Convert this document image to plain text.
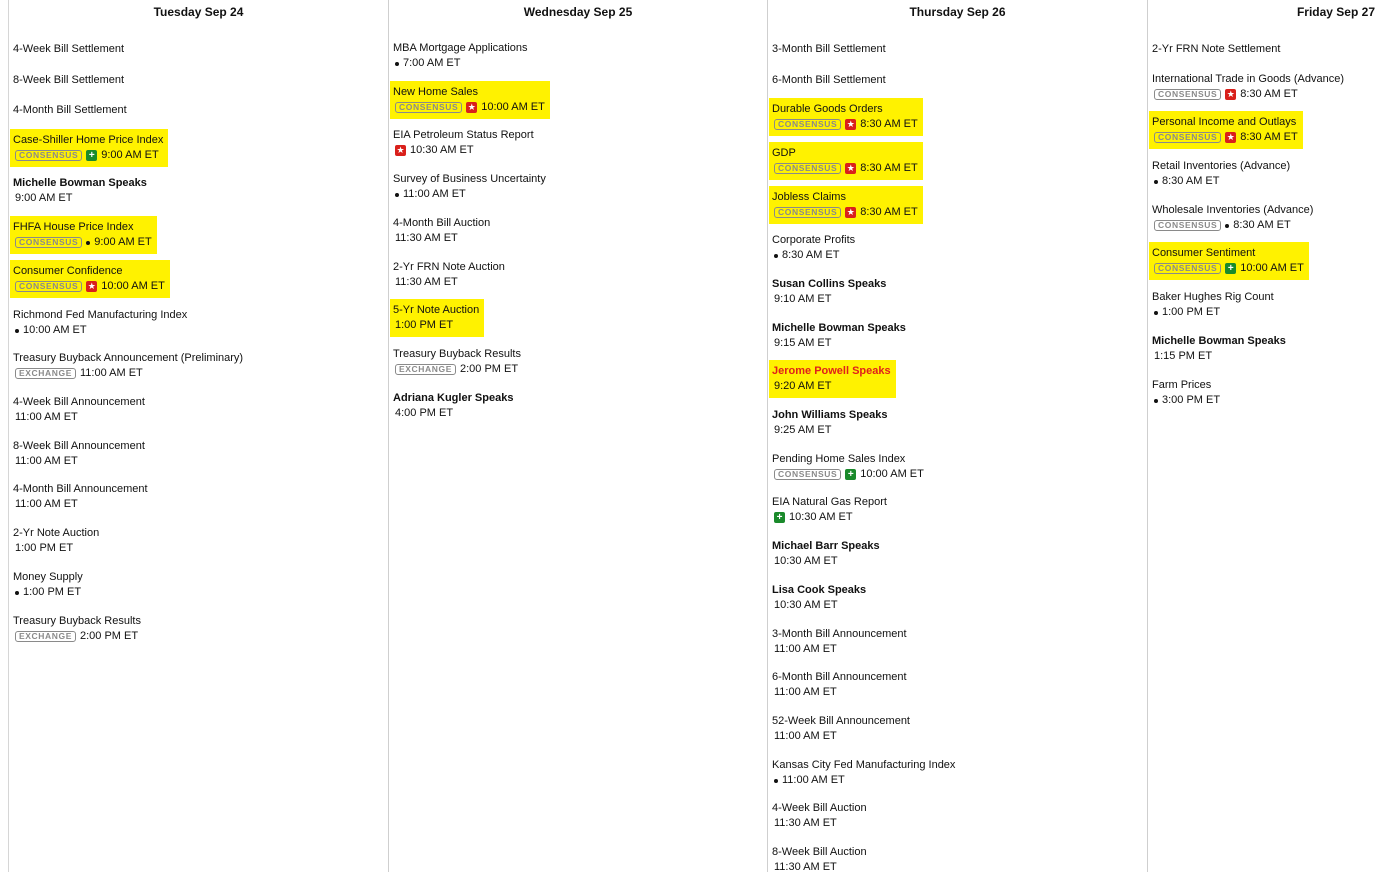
Tuesday Sep 24
4-Week Bill Settlement
8-Week Bill Settlement
4-Month Bill Settlement
Case-Shiller Home Price Index
CONSENSUS	+ 9:00 AM ET
Michelle Bowman Speaks
9:00 AM ET
FHFA House Price Index
CONSENSUS	9:00 AM ET
Consumer Confidence
CONSENSUS	★ 10:00 AM ET
Richmond Fed Manufacturing Index
10:00 AM ET
Treasury Buyback Announcement (Preliminary)
EXCHANGE 11:00 AM ET
4-Week Bill Announcement
11:00 AM ET
8-Week Bill Announcement
11:00 AM ET
4-Month Bill Announcement
11:00 AM ET
2-Yr Note Auction
1:00 PM ET
Money Supply
1:00 PM ET
Treasury Buyback Results
EXCHANGE 2:00 PM ET
Wednesday Sep 25
MBA Mortgage Applications
7:00 AM ET
New Home Sales
CONSENSUS	★ 10:00 AM ET
EIA Petroleum Status Report
★ 10:30 AM ET
Survey of Business Uncertainty
11:00 AM ET
4-Month Bill Auction
11:30 AM ET
2-Yr FRN Note Auction
11:30 AM ET
5-Yr Note Auction
1:00 PM ET
Treasury Buyback Results
EXCHANGE 2:00 PM ET
Adriana Kugler Speaks
4:00 PM ET
Thursday Sep 26
3-Month Bill Settlement
6-Month Bill Settlement
Durable Goods Orders
CONSENSUS	★ 8:30 AM ET
GDP
CONSENSUS	★ 8:30 AM ET
Jobless Claims
CONSENSUS	★ 8:30 AM ET
Corporate Profits
8:30 AM ET
Susan Collins Speaks
9:10 AM ET
Michelle Bowman Speaks
9:15 AM ET
Jerome Powell Speaks
9:20 AM ET
John Williams Speaks
9:25 AM ET
Pending Home Sales Index
CONSENSUS	+ 10:00 AM ET
EIA Natural Gas Report
+ 10:30 AM ET
Michael Barr Speaks
10:30 AM ET
Lisa Cook Speaks
10:30 AM ET
3-Month Bill Announcement
11:00 AM ET
6-Month Bill Announcement
11:00 AM ET
52-Week Bill Announcement
11:00 AM ET
Kansas City Fed Manufacturing Index
11:00 AM ET
4-Week Bill Auction
11:30 AM ET
8-Week Bill Auction
11:30 AM ET
Friday Sep 27
2-Yr FRN Note Settlement
International Trade in Goods (Advance)
CONSENSUS	★ 8:30 AM ET
Personal Income and Outlays
CONSENSUS	★ 8:30 AM ET
Retail Inventories (Advance)
8:30 AM ET
Wholesale Inventories (Advance)
CONSENSUS	8:30 AM ET
Consumer Sentiment
CONSENSUS	+ 10:00 AM ET
Baker Hughes Rig Count
1:00 PM ET
Michelle Bowman Speaks
1:15 PM ET
Farm Prices
3:00 PM ET
